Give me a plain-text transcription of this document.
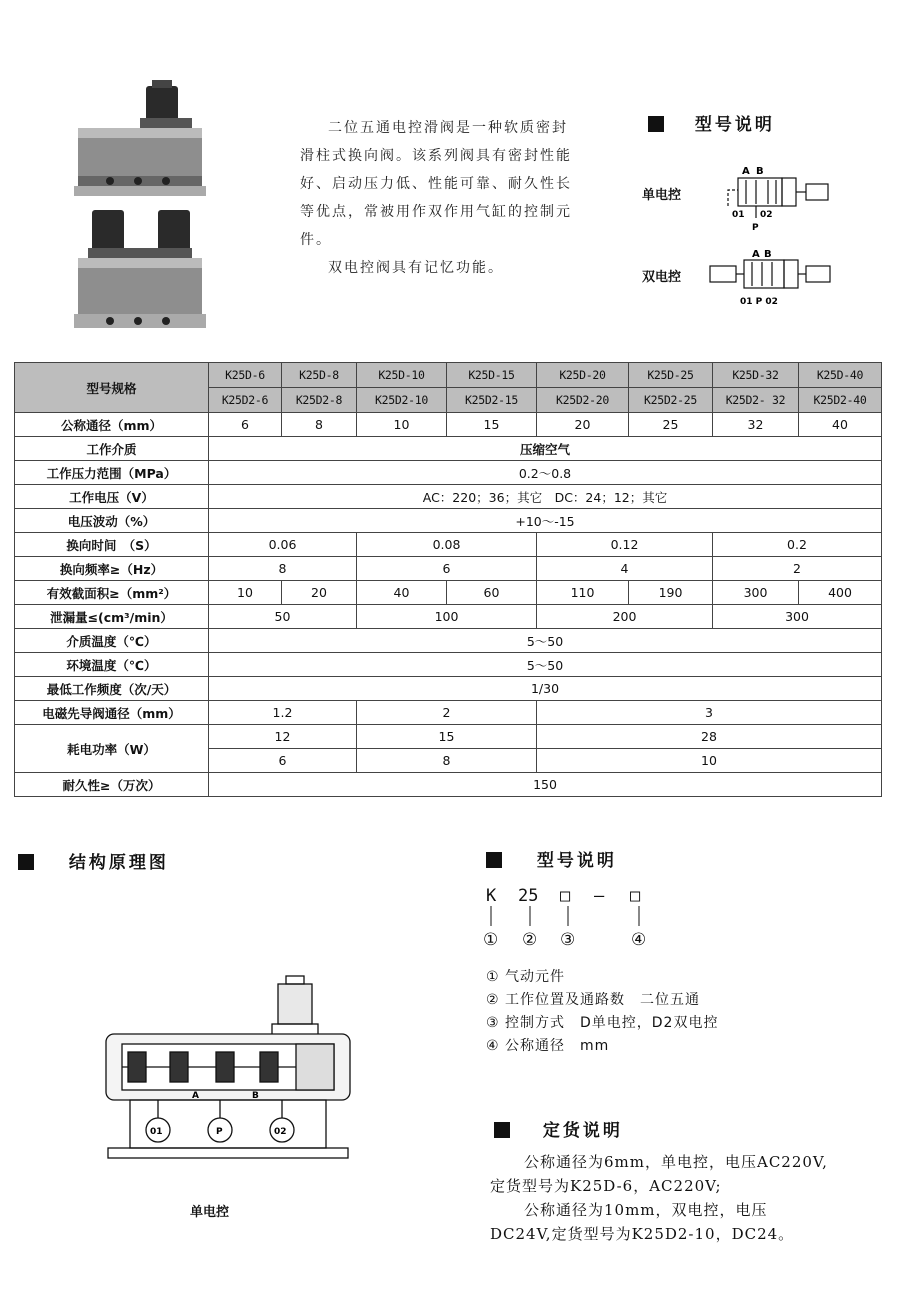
二位五通电控滑阀是一种软质密封滑柱式换向阀。该系列阀具有密封性能好、启动压力低、性能可靠、耐久性长等优点，常被用作双作用气缸的控制元件。

双电控阀具有记忆功能。

型号说明
单电控
双电控
A B
01 02
P
A B
01 P 02
型号规格	K25D-6	K25D-8	K25D-10	K25D-15	K25D-20	K25D-25	K25D-32	K25D-40
	K25D2-6	K25D2-8	K25D2-10	K25D2-15	K25D2-20	K25D2-25	K25D2- 32	K25D2-40
公称通径（mm）	6	8	10	15	20	25	32	40
工作介质	压缩空气							
工作压力范围（MPa）	0.2～0.8							
工作电压（V）	AC：220；36；其它　DC：24；12；其它							
电压波动（%）	+10～-15							
换向时间　（S）	0.06		0.08		0.12		0.2	
换向频率≥（Hz）	8		6		4		2	
有效截面积≥（mm²）	10	20	40	60	110	190	300	400
泄漏量≤(cm³/min）	50		100		200		300	
介质温度（℃）	5～50							
环境温度（℃）	5～50							
最低工作频度（次/天）	1/30							
电磁先导阀通径（mm）	1.2		2		3			
耗电功率（W）	12		15		28			
	6		8		10			
耐久性≥（万次）	150							
结构原理图
A	B
01	P	02
单电控
型号说明
K 25 □ — □
① ② ③	④
① 气动元件
② 工作位置及通路数　二位五通
③ 控制方式　D单电控，D2双电控
④ 公称通径　mm
定货说明

公称通径为6mm，单电控，电压AC220V,

定货型号为K25D-6，AC220V;

公称通径为10mm，双电控，电压

DC24V,定货型号为K25D2-10，DC24。
